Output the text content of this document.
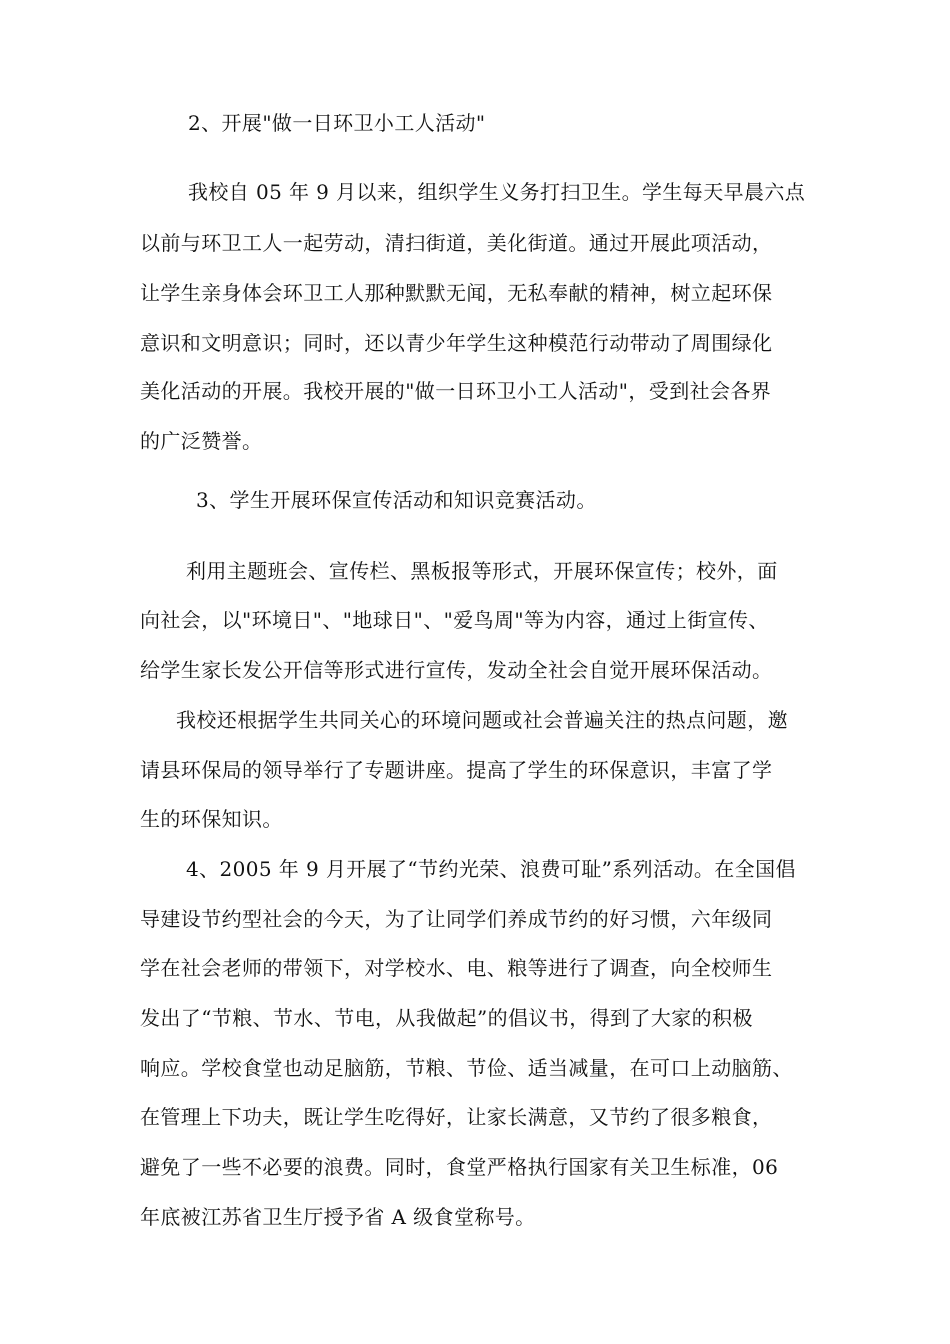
2、开展"做一日环卫小工人活动"
我校自 05 年 9 月以来，组织学生义务打扫卫生。学生每天早晨六点
以前与环卫工人一起劳动，清扫街道，美化街道。通过开展此项活动，
让学生亲身体会环卫工人那种默默无闻，无私奉献的精神，树立起环保
意识和文明意识；同时，还以青少年学生这种模范行动带动了周围绿化
美化活动的开展。我校开展的"做一日环卫小工人活动"，受到社会各界
的广泛赞誉。
3、学生开展环保宣传活动和知识竞赛活动。
利用主题班会、宣传栏、黑板报等形式，开展环保宣传；校外，面
向社会，以"环境日"、"地球日"、"爱鸟周"等为内容，通过上街宣传、
给学生家长发公开信等形式进行宣传，发动全社会自觉开展环保活动。
我校还根据学生共同关心的环境问题或社会普遍关注的热点问题，邀
请县环保局的领导举行了专题讲座。提高了学生的环保意识，丰富了学
生的环保知识。
4、2005 年 9 月开展了“节约光荣、浪费可耻”系列活动。在全国倡
导建设节约型社会的今天，为了让同学们养成节约的好习惯，六年级同
学在社会老师的带领下，对学校水、电、粮等进行了调查，向全校师生
发出了“节粮、节水、节电，从我做起”的倡议书，得到了大家的积极
响应。学校食堂也动足脑筋，节粮、节俭、适当减量，在可口上动脑筋、
在管理上下功夫，既让学生吃得好，让家长满意，又节约了很多粮食，
避免了一些不必要的浪费。同时，食堂严格执行国家有关卫生标准，06
年底被江苏省卫生厅授予省 A 级食堂称号。
